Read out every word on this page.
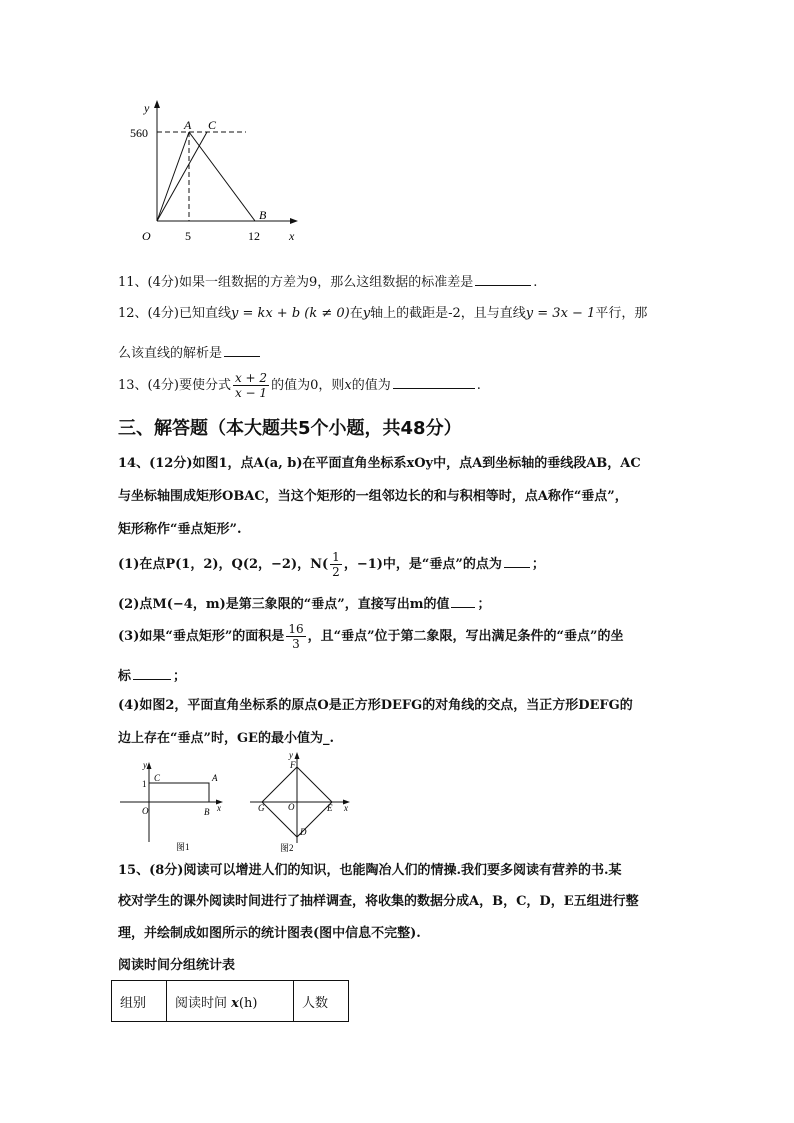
y
x
O
A C
B
560
5	12
11、(4分)如果一组数据的方差为9，那么这组数据的标准差是	.
12、(4分)已知直线y = kx + b (k ≠ 0)在y轴上的截距是-2，且与直线y = 3x − 1平行，那
么该直线的解析是
13、(4分)要使分式 $\frac{x + 2}{x - 1}$ 的值为0，则x的值为	.
三、解答题（本大题共5个小题，共48分）
14、(12分)如图1，点A(a, b)在平面直角坐标系xOy中，点A到坐标轴的垂线段AB，AC
与坐标轴围成矩形OBAC，当这个矩形的一组邻边长的和与积相等时，点A称作“垂点”，
矩形称作“垂点矩形”.
(1)在点P(1，2)，Q(2，−2)，$N( \frac{1}{2}$ ，−1)中，是“垂点”的点为 ；
(2)点M(−4，m)是第三象限的“垂点”，直接写出m的值 ；
(3)如果“垂点矩形”的面积是 $\frac{16}{3}$ ，且“垂点”位于第二象限，写出满足条件的“垂点”的坐
标	；
(4)如图2，平面直角坐标系的原点O是正方形DEFG的对角线的交点，当正方形DEFG的
边上存在“垂点”时，GE的最小值为_.
y
x
O
C	A
B
1
图1
y
x
O
F
E
G
D
图2
15、(8分)阅读可以增进人们的知识，也能陶冶人们的情操.我们要多阅读有营养的书.某
校对学生的课外阅读时间进行了抽样调查，将收集的数据分成A，B，C，D，E五组进行整
理，并绘制成如图所示的统计图表(图中信息不完整).
阅读时间分组统计表
组别	阅读时间 x(h)	人数
